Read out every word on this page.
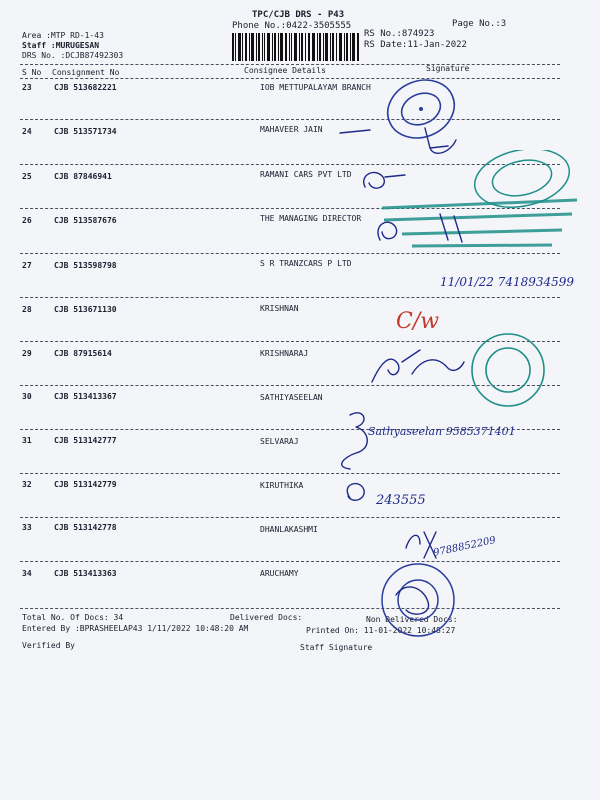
TPC/CJB DRS - P43
Phone No.:0422-3505555	Page No.:3
Area :MTP RD-1-43
Staff :MURUGESAN
DRS No. :DCJB87492303
RS No.:874923
RS Date:11-Jan-2022
S No Consignment No	Consignee Details	Signature
23	CJB 513682221	IOB METTUPALAYAM BRANCH
24	CJB 513571734	MAHAVEER JAIN
25	CJB 87846941	RAMANI CARS PVT LTD
26	CJB 513587676	THE MANAGING DIRECTOR
27	CJB 513598798	S R TRANZCARS P LTD
28	CJB 513671130	KRISHNAN
29	CJB 87915614	KRISHNARAJ
30	CJB 513413367	SATHIYASEELAN
31	CJB 513142777	SELVARAJ
32	CJB 513142779	KIRUTHIKA
33	CJB 513142778	DHANLAKASHMI
34	CJB 513413363	ARUCHAMY
Total No. Of Docs: 34	Delivered Docs:	Non Delivered Docs:
Entered By :BPRASHEELAP43 1/11/2022 10:48:20 AM	Printed On: 11-01-2022 10:48:27
Verified By	Staff Signature
11/01/22 7418934599
C/w
Sathyaseelan 9585371401
243555
9788852209
